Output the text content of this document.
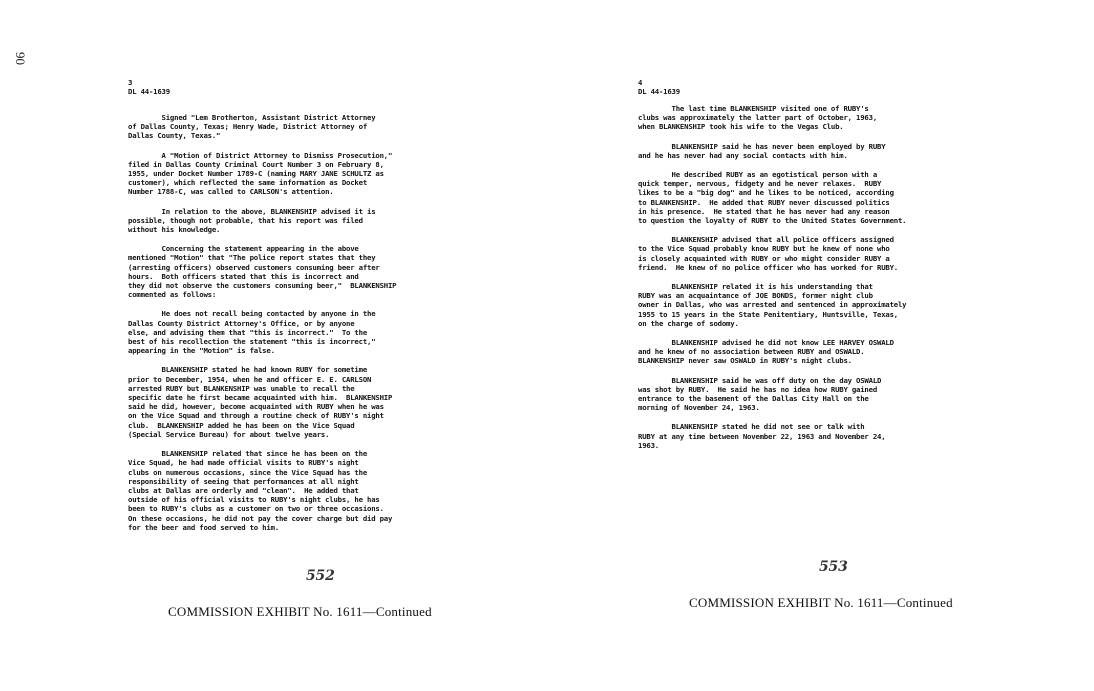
90
3
DL 44-1639

Signed "Lem Brotherton, Assistant District Attorney
of Dallas County, Texas; Henry Wade, District Attorney of
Dallas County, Texas."

A "Motion of District Attorney to Dismiss Prosecution,"
filed in Dallas County Criminal Court Number 3 on February 8,
1955, under Docket Number 1789-C (naming MARY JANE SCHULTZ as
customer), which reflected the same information as Docket
Number 1788-C, was called to CARLSON's attention.

In relation to the above, BLANKENSHIP advised it is
possible, though not probable, that his report was filed
without his knowledge.

Concerning the statement appearing in the above
mentioned "Motion" that "The police report states that they
(arresting officers) observed customers consuming beer after
hours.  Both officers stated that this is incorrect and
they did not observe the customers consuming beer,"  BLANKENSHIP
commented as follows:

He does not recall being contacted by anyone in the
Dallas County District Attorney's Office, or by anyone
else, and advising them that "this is incorrect."  To the
best of his recollection the statement "this is incorrect,"
appearing in the "Motion" is false.

BLANKENSHIP stated he had known RUBY for sometime
prior to December, 1954, when he and officer E. E. CARLSON
arrested RUBY but BLANKENSHIP was unable to recall the
specific date he first became acquainted with him.  BLANKENSHIP
said he did, however, become acquainted with RUBY when he was
on the Vice Squad and through a routine check of RUBY's night
club.  BLANKENSHIP added he has been on the Vice Squad
(Special Service Bureau) for about twelve years.

BLANKENSHIP related that since he has been on the
Vice Squad, he had made official visits to RUBY's night
clubs on numerous occasions, since the Vice Squad has the
responsibility of seeing that performances at all night
clubs at Dallas are orderly and "clean".  He added that
outside of his official visits to RUBY's night clubs, he has
been to RUBY's clubs as a customer on two or three occasions.
On these occasions, he did not pay the cover charge but did pay
for the beer and food served to him.

552
COMMISSION EXHIBIT No. 1611—Continued
4
DL 44-1639

The last time BLANKENSHIP visited one of RUBY's
clubs was approximately the latter part of October, 1963,
when BLANKENSHIP took his wife to the Vegas Club.

BLANKENSHIP said he has never been employed by RUBY
and he has never had any social contacts with him.

He described RUBY as an egotistical person with a
quick temper, nervous, fidgety and he never relaxes.  RUBY
likes to be a "big dog" and he likes to be noticed, according
to BLANKENSHIP.  He added that RUBY never discussed politics
in his presence.  He stated that he has never had any reason
to question the loyalty of RUBY to the United States Government.

BLANKENSHIP advised that all police officers assigned
to the Vice Squad probably know RUBY but he knew of none who
is closely acquainted with RUBY or who might consider RUBY a
friend.  He knew of no police officer who has worked for RUBY.

BLANKENSHIP related it is his understanding that
RUBY was an acquaintance of JOE BONDS, former night club
owner in Dallas, who was arrested and sentenced in approximately
1955 to 15 years in the State Penitentiary, Huntsville, Texas,
on the charge of sodomy.

BLANKENSHIP advised he did not know LEE HARVEY OSWALD
and he knew of no association between RUBY and OSWALD.
BLANKENSHIP never saw OSWALD in RUBY's night clubs.

BLANKENSHIP said he was off duty on the day OSWALD
was shot by RUBY.  He said he has no idea how RUBY gained
entrance to the basement of the Dallas City Hall on the
morning of November 24, 1963.

BLANKENSHIP stated he did not see or talk with
RUBY at any time between November 22, 1963 and November 24,
1963.

553
COMMISSION EXHIBIT No. 1611—Continued
